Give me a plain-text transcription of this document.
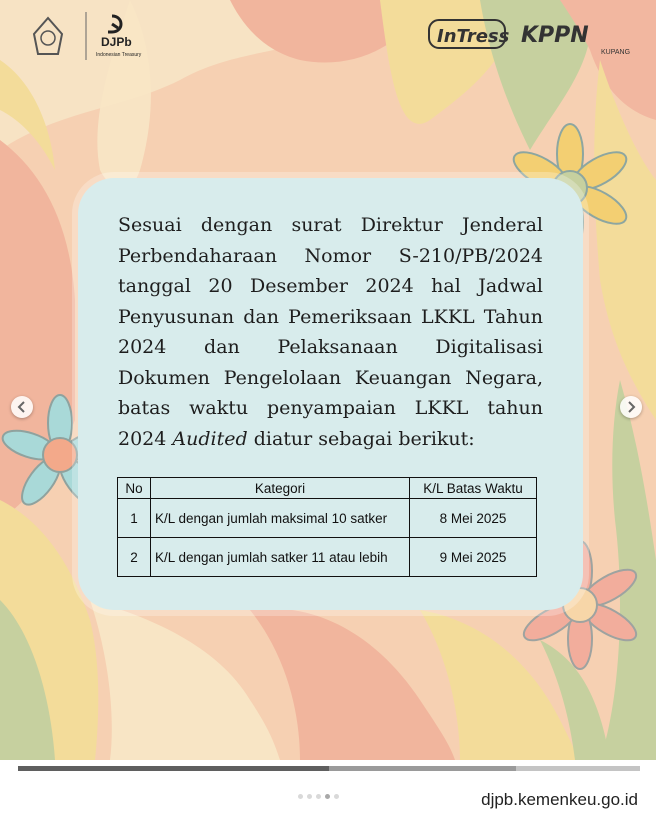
DJPb
Indonesian Treasury
InTress KPPN
KUPANG
Sesuai dengan surat Direktur Jenderal Perbendaharaan Nomor S-210/PB/2024 tanggal 20 Desember 2024 hal Jadwal Penyusunan dan Pemeriksaan LKKL Tahun 2024 dan Pelaksanaan Digitalisasi Dokumen Pengelolaan Keuangan Negara, batas waktu penyampaian LKKL tahun 2024 Audited diatur sebagai berikut:
No	Kategori	K/L Batas Waktu
1	K/L dengan jumlah maksimal 10 satker	8 Mei 2025
2	K/L dengan jumlah satker 11 atau lebih	9 Mei 2025
djpb.kemenkeu.go.id
